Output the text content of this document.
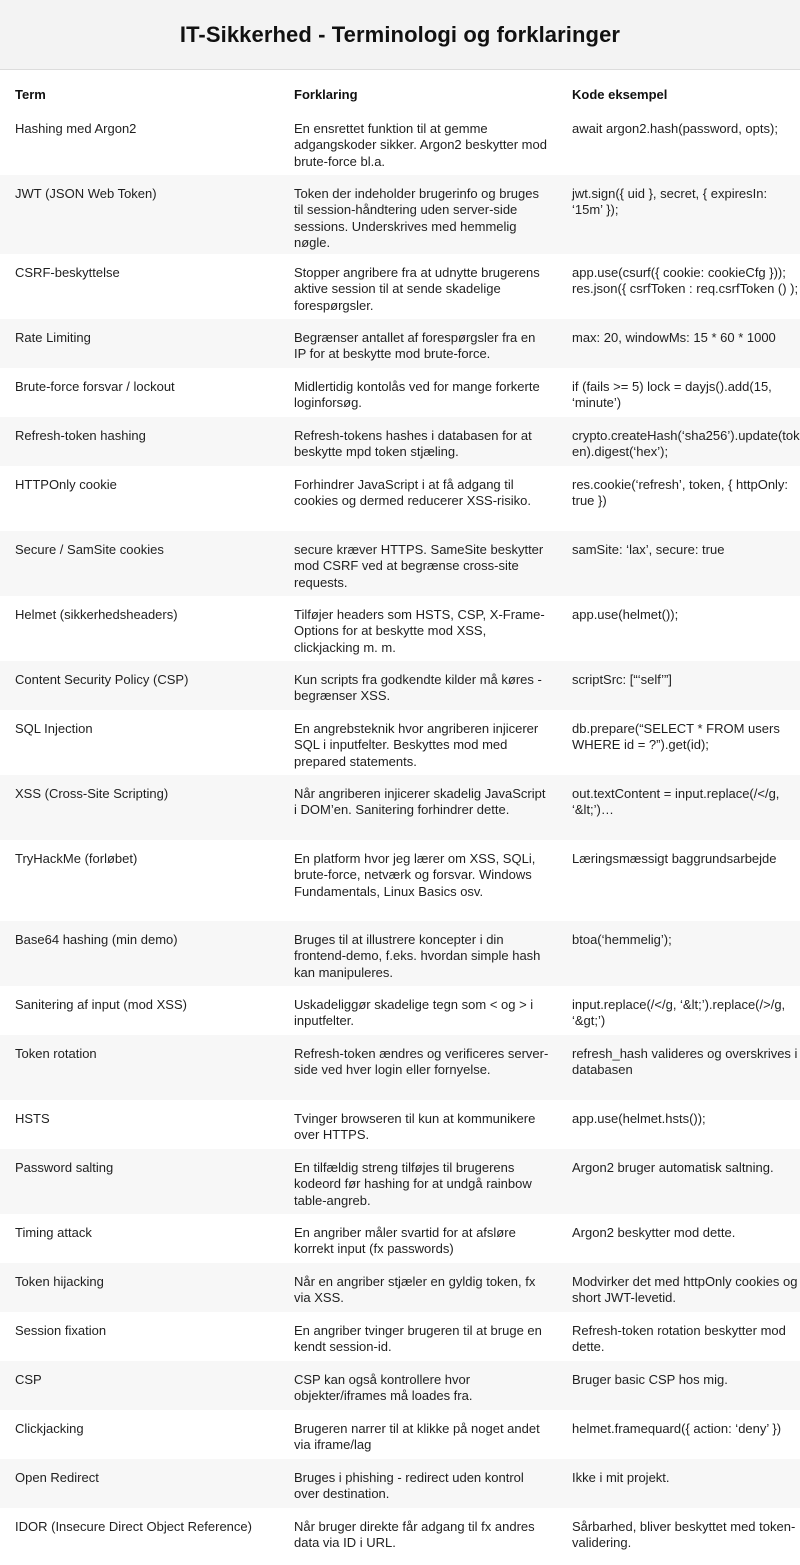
IT-Sikkerhed - Terminologi og forklaringer
Term	Forklaring	Kode eksempel
Hashing med Argon2	En ensrettet funktion til at gemme adgangskoder sikker. Argon2 beskytter mod brute-force bl.a.	await argon2.hash(password, opts);
JWT (JSON Web Token)	Token der indeholder brugerinfo og bruges til session-håndtering uden server-side sessions. Underskrives med hemmelig nøgle.	jwt.sign({ uid }, secret, { expiresIn: ‘15m’ });
CSRF-beskyttelse	Stopper angribere fra at udnytte brugerens aktive session til at sende skadelige forespørgsler.	app.use(csurf({ cookie: cookieCfg })); res.json({ csrfToken : req.csrfToken () );
Rate Limiting	Begrænser antallet af forespørgsler fra en IP for at beskytte mod brute-force.	max: 20, windowMs: 15 * 60 * 1000
Brute-force forsvar / lockout	Midlertidig kontolås ved for mange forkerte loginforsøg.	if (fails >= 5) lock = dayjs().add(15, ‘minute’)
Refresh-token hashing	Refresh-tokens hashes i databasen for at beskytte mpd token stjæling.	crypto.createHash(‘sha256’).update(token).digest(‘hex’);
HTTPOnly cookie	Forhindrer JavaScript i at få adgang til cookies og dermed reducerer XSS-risiko.	res.cookie(‘refresh’, token, { httpOnly: true })
Secure / SamSite cookies	secure kræver HTTPS. SameSite beskytter mod CSRF ved at begrænse cross-site requests.	samSite: ‘lax’, secure: true
Helmet (sikkerhedsheaders)	Tilføjer headers som HSTS, CSP, X-Frame-Options for at beskytte mod XSS, clickjacking m. m.	app.use(helmet());
Content Security Policy (CSP)	Kun scripts fra godkendte kilder må køres - begrænser XSS.	scriptSrc: [“‘self’”]
SQL Injection	En angrebsteknik hvor angriberen injicerer SQL i inputfelter. Beskyttes mod med prepared statements.	db.prepare(“SELECT * FROM users WHERE id = ?”).get(id);
XSS (Cross-Site Scripting)	Når angriberen injicerer skadelig JavaScript i DOM’en. Sanitering forhindrer dette.	out.textContent = input.replace(/</g, ‘&lt;’)…
TryHackMe (forløbet)	En platform hvor jeg lærer om XSS, SQLi, brute-force, netværk og forsvar. Windows Fundamentals, Linux Basics osv.	Læringsmæssigt baggrundsarbejde
Base64 hashing (min demo)	Bruges til at illustrere koncepter i din frontend-demo, f.eks. hvordan simple hash kan manipuleres.	btoa(‘hemmelig’);
Sanitering af input (mod XSS)	Uskadeliggør skadelige tegn som < og > i inputfelter.	input.replace(/</g, ‘&lt;’).replace(/>/g, ‘&gt;’)
Token rotation	Refresh-token ændres og verificeres server-side ved hver login eller fornyelse.	refresh_hash valideres og overskrives i databasen
HSTS	Tvinger browseren til kun at kommunikere over HTTPS.	app.use(helmet.hsts());
Password salting	En tilfældig streng tilføjes til brugerens kodeord før hashing for at undgå rainbow table-angreb.	Argon2 bruger automatisk saltning.
Timing attack	En angriber måler svartid for at afsløre korrekt input (fx passwords)	Argon2 beskytter mod dette.
Token hijacking	Når en angriber stjæler en gyldig token, fx via XSS.	Modvirker det med httpOnly cookies og short JWT-levetid.
Session fixation	En angriber tvinger brugeren til at bruge en kendt session-id.	Refresh-token rotation beskytter mod dette.
CSP	CSP kan også kontrollere hvor objekter/iframes må loades fra.	Bruger basic CSP hos mig.
Clickjacking	Brugeren narrer til at klikke på noget andet via iframe/lag	helmet.framequard({ action: ‘deny’ })
Open Redirect	Bruges i phishing - redirect uden kontrol over destination.	Ikke i mit projekt.
IDOR (Insecure Direct Object Reference)	Når bruger direkte får adgang til fx andres data via ID i URL.	Sårbarhed, bliver beskyttet med token-validering.
